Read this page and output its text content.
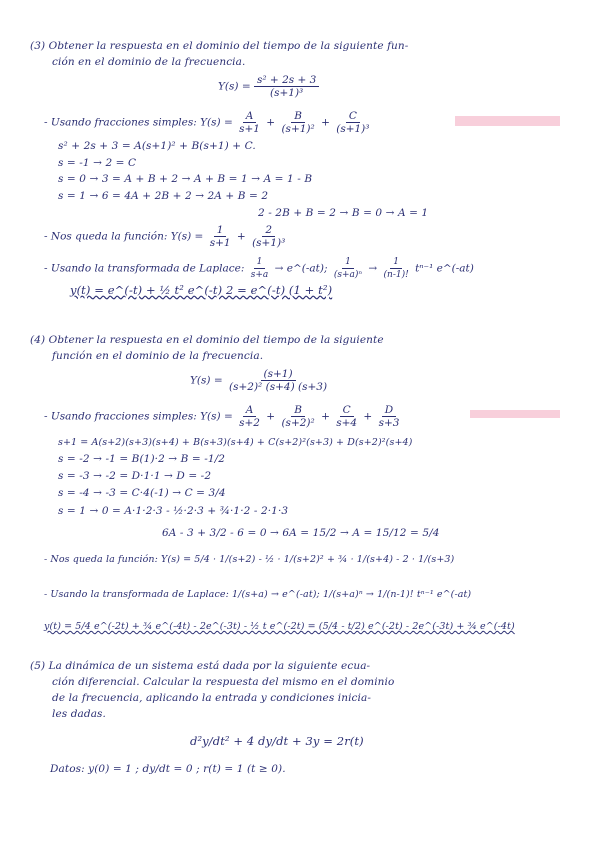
(3) Obtener la respuesta en el dominio del tiempo de la siguiente fun-
ción en el dominio de la frecuencia.
$Y(s) = \frac{\text{s² + 2s + 3}}{\text{(s+1)³}}$
- Usando fracciones simples: $Y(s) = \frac{A}{s+1} + \frac{B}{\text{(s+1)²}} + \frac{C}{\text{(s+1)³}}$
s² + 2s + 3 = A(s+1)² + B(s+1) + C.
s = -1 → 2 = C
s = 0 → 3 = A + B + 2 → A + B = 1 → A = 1 - B
s = 1 → 6 = 4A + 2B + 2 → 2A + B = 2
2 - 2B + B = 2 → B = 0 → A = 1
- Nos queda la función: $Y(s) = \frac{1}{s+1} + \frac{2}{\text{(s+1)³}}$
- Usando la transformada de Laplace: $\frac{1}{s+a}$ → e^(-at); $\frac{1}{\text{(s+a)ⁿ}} \to \frac{1}{(n-1)!} t^{n-1}$ e^(-at)
y(t) = e^(-t) + ½ t² e^(-t) 2 = e^(-t) (1 + t²)
(4) Obtener la respuesta en el dominio del tiempo de la siguiente
función en el dominio de la frecuencia.
$Y(s) = \frac{(s+1)}{\text{(s+2)² (s+4) (s+3)}}$
- Usando fracciones simples: $Y(s) = \frac{A}{s+2} + \frac{B}{\text{(s+2)²}} + \frac{C}{s+4} + \frac{D}{s+3}$
s+1 = A(s+2)(s+3)(s+4) + B(s+3)(s+4) + C(s+2)²(s+3) + D(s+2)²(s+4)
s = -2 → -1 = B(1)·2 → B = -1/2
s = -3 → -2 = D·1·1 → D = -2
s = -4 → -3 = C·4(-1) → C = 3/4
s = 1 → 0 = A·1·2·3 - ½·2·3 + ¾·1·2 - 2·1·3
6A - 3 + 3/2 - 6 = 0 → 6A = 15/2 → A = 15/12 = 5/4
- Nos queda la función: Y(s) = 5/4 · 1/(s+2) - ½ · 1/(s+2)² + ¾ · 1/(s+4) - 2 · 1/(s+3)
- Usando la transformada de Laplace: 1/(s+a) → e^(-at); 1/(s+a)ⁿ → 1/(n-1)! tⁿ⁻¹ e^(-at)
y(t) = 5/4 e^(-2t) + ¾ e^(-4t) - 2e^(-3t) - ½ t e^(-2t) = (5/4 - t/2) e^(-2t) - 2e^(-3t) + ¾ e^(-4t)
(5) La dinámica de un sistema está dada por la siguiente ecua-
ción diferencial. Calcular la respuesta del mismo en el dominio
de la frecuencia, aplicando la entrada y condiciones inicia-
les dadas.
d²y/dt² + 4 dy/dt + 3y = 2r(t)
Datos: y(0) = 1 ; dy/dt = 0 ; r(t) = 1 (t ≥ 0).
